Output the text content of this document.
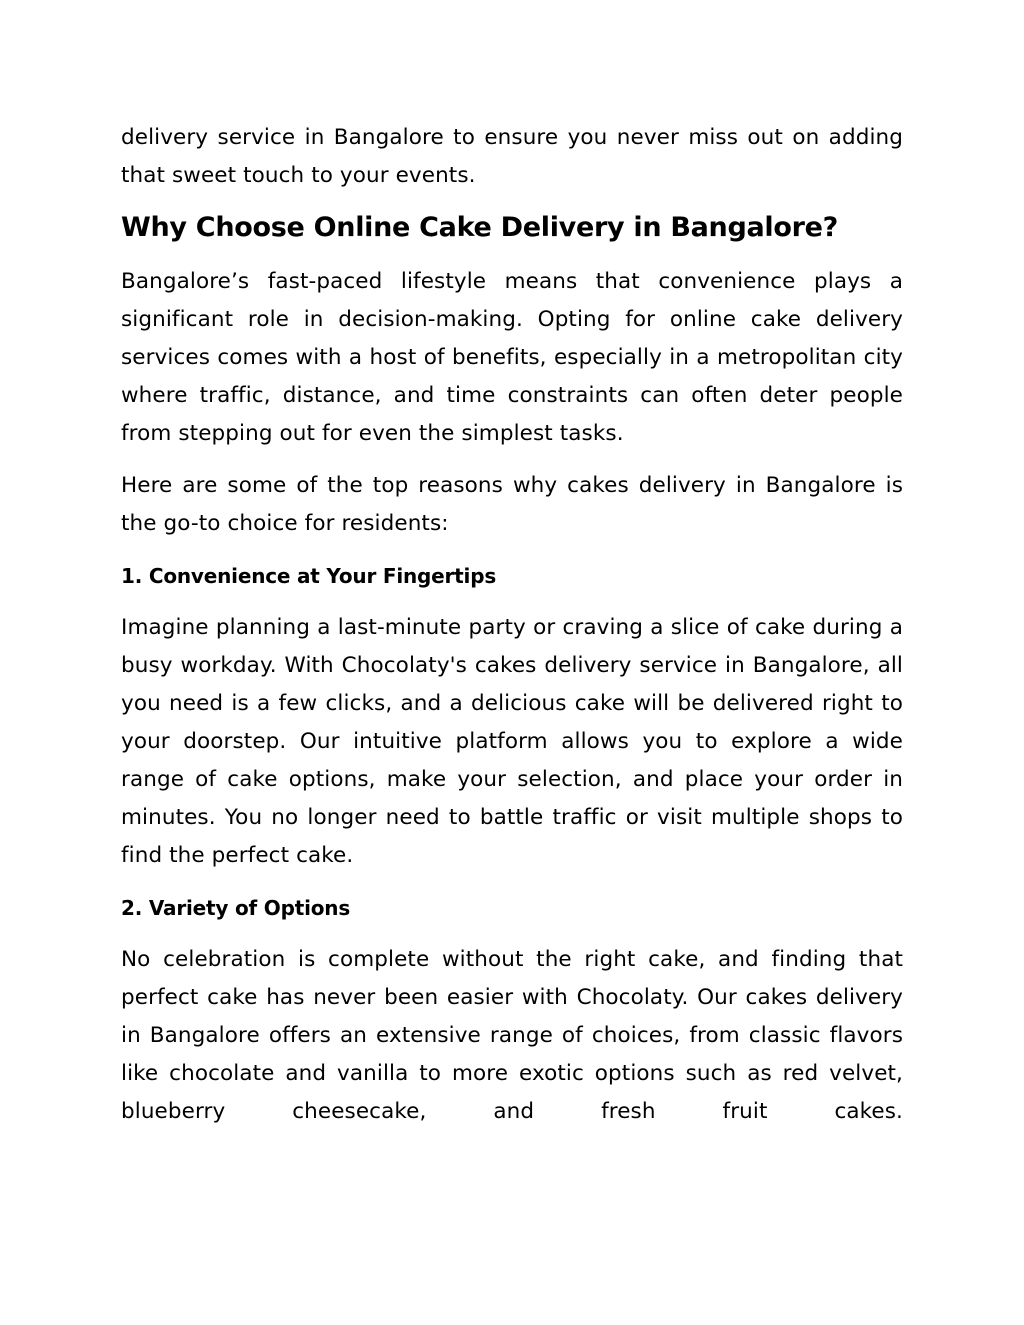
delivery service in Bangalore to ensure you never miss out on adding that sweet touch to your events.

Why Choose Online Cake Delivery in Bangalore?

Bangalore’s fast-paced lifestyle means that convenience plays a significant role in decision-making. Opting for online cake delivery services comes with a host of benefits, especially in a metropolitan city where traffic, distance, and time constraints can often deter people from stepping out for even the simplest tasks.

Here are some of the top reasons why cakes delivery in Bangalore is the go-to choice for residents:

1. Convenience at Your Fingertips

Imagine planning a last-minute party or craving a slice of cake during a busy workday. With Chocolaty's cakes delivery service in Bangalore, all you need is a few clicks, and a delicious cake will be delivered right to your doorstep. Our intuitive platform allows you to explore a wide range of cake options, make your selection, and place your order in minutes. You no longer need to battle traffic or visit multiple shops to find the perfect cake.

2. Variety of Options

No celebration is complete without the right cake, and finding that perfect cake has never been easier with Chocolaty. Our cakes delivery in Bangalore offers an extensive range of choices, from classic flavors like chocolate and vanilla to more exotic options such as red velvet, blueberry cheesecake, and fresh fruit cakes.
